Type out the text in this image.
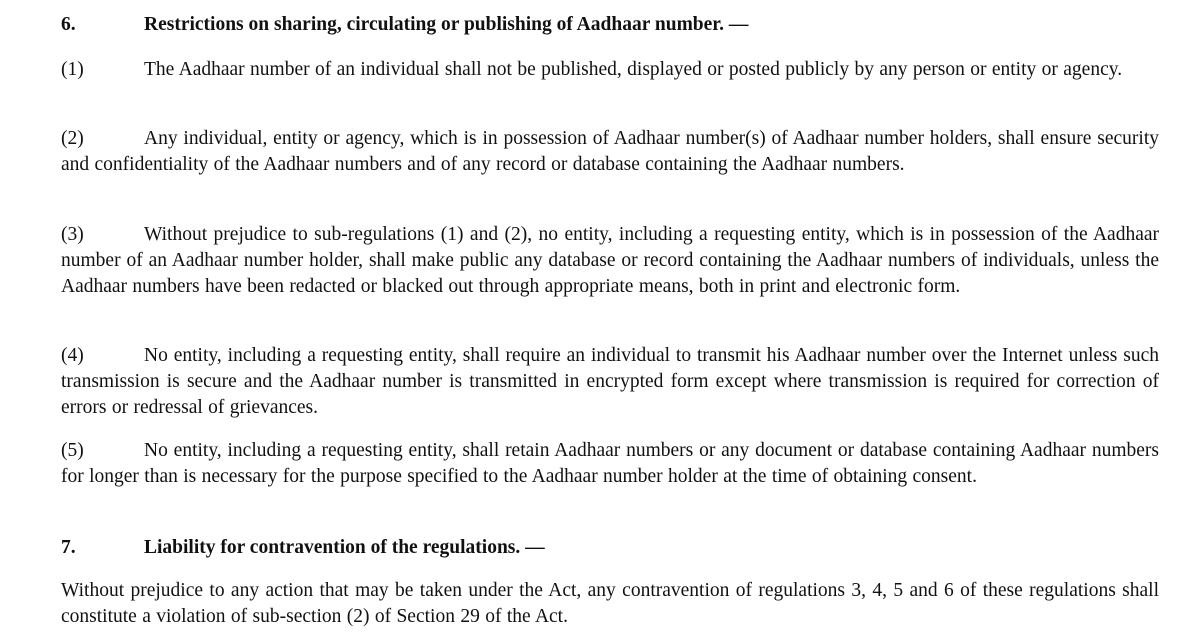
6.	Restrictions on sharing, circulating or publishing of Aadhaar number. —
(1)	The Aadhaar number of an individual shall not be published, displayed or posted publicly by any person or entity or agency.
(2)	Any individual, entity or agency, which is in possession of Aadhaar number(s) of Aadhaar number holders, shall ensure security and confidentiality of the Aadhaar numbers and of any record or database containing the Aadhaar numbers.
(3)	Without prejudice to sub-regulations (1) and (2), no entity, including a requesting entity, which is in possession of the Aadhaar number of an Aadhaar number holder, shall make public any database or record containing the Aadhaar numbers of individuals, unless the Aadhaar numbers have been redacted or blacked out through appropriate means, both in print and electronic form.
(4)	No entity, including a requesting entity, shall require an individual to transmit his Aadhaar number over the Internet unless such transmission is secure and the Aadhaar number is transmitted in encrypted form except where transmission is required for correction of errors or redressal of grievances.
(5)	No entity, including a requesting entity, shall retain Aadhaar numbers or any document or database containing Aadhaar numbers for longer than is necessary for the purpose specified to the Aadhaar number holder at the time of obtaining consent.
7.	Liability for contravention of the regulations. —
Without prejudice to any action that may be taken under the Act, any contravention of regulations 3, 4, 5 and 6 of these regulations shall constitute a violation of sub-section (2) of Section 29 of the Act.
